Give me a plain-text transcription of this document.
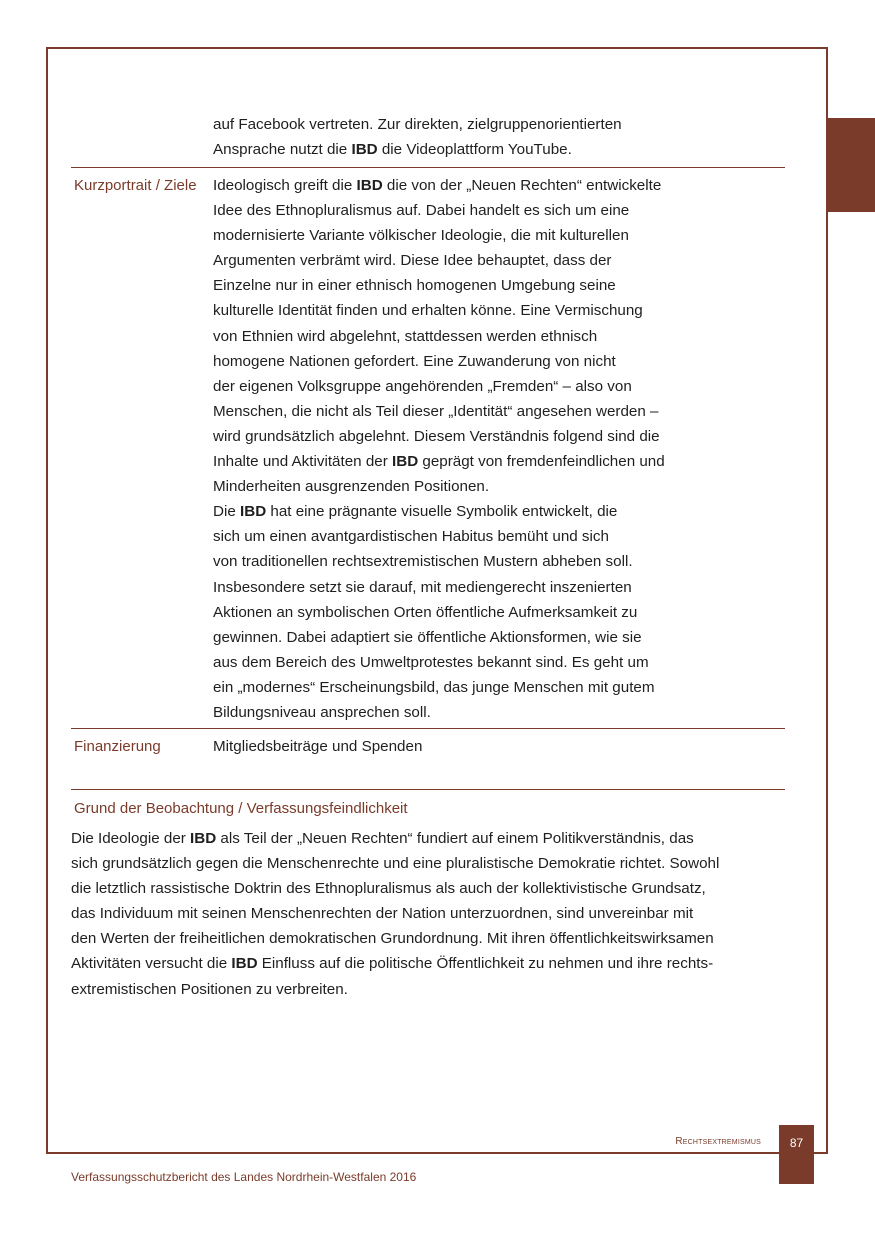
auf Facebook vertreten. Zur direkten, zielgruppenorientierten
Ansprache nutzt die IBD die Videoplattform YouTube.
Kurzportrait / Ziele Ideologisch greift die IBD die von der „Neuen Rechten“ entwickelte
Idee des Ethnopluralismus auf. Dabei handelt es sich um eine
modernisierte Variante völkischer Ideologie, die mit kulturellen
Argumenten verbrämt wird. Diese Idee behauptet, dass der
Einzelne nur in einer ethnisch homogenen Umgebung seine
kulturelle Identität finden und erhalten könne. Eine Vermischung
von Ethnien wird abgelehnt, stattdessen werden ethnisch
homogene Nationen gefordert. Eine Zuwanderung von nicht
der eigenen Volksgruppe angehörenden „Fremden“ – also von
Menschen, die nicht als Teil dieser „Identität“ angesehen werden –
wird grundsätzlich abgelehnt. Diesem Verständnis folgend sind die
Inhalte und Aktivitäten der IBD geprägt von fremdenfeindlichen und
Minderheiten ausgrenzenden Positionen.
Die IBD hat eine prägnante visuelle Symbolik entwickelt, die
sich um einen avantgardistischen Habitus bemüht und sich
von traditionellen rechtsextremistischen Mustern abheben soll.
Insbesondere setzt sie darauf, mit mediengerecht inszenierten
Aktionen an symbolischen Orten öffentliche Aufmerksamkeit zu
gewinnen. Dabei adaptiert sie öffentliche Aktionsformen, wie sie
aus dem Bereich des Umweltprotestes bekannt sind. Es geht um
ein „modernes“ Erscheinungsbild, das junge Menschen mit gutem
Bildungsniveau ansprechen soll.
Finanzierung	Mitgliedsbeiträge und Spenden

Grund der Beobachtung / Verfassungsfeindlichkeit
Die Ideologie der IBD als Teil der „Neuen Rechten“ fundiert auf einem Politikverständnis, das
sich grundsätzlich gegen die Menschenrechte und eine pluralistische Demokratie richtet. Sowohl
die letztlich rassistische Doktrin des Ethnopluralismus als auch der kollektivistische Grundsatz,
das Individuum mit seinen Menschenrechten der Nation unterzuordnen, sind unvereinbar mit
den Werten der freiheitlichen demokratischen Grundordnung. Mit ihren öffentlichkeitswirksamen
Aktivitäten versucht die IBD Einfluss auf die politische Öffentlichkeit zu nehmen und ihre rechts-
extremistischen Positionen zu verbreiten.
Rechtsextremismus	87
Verfassungsschutzbericht des Landes Nordrhein-Westfalen 2016
